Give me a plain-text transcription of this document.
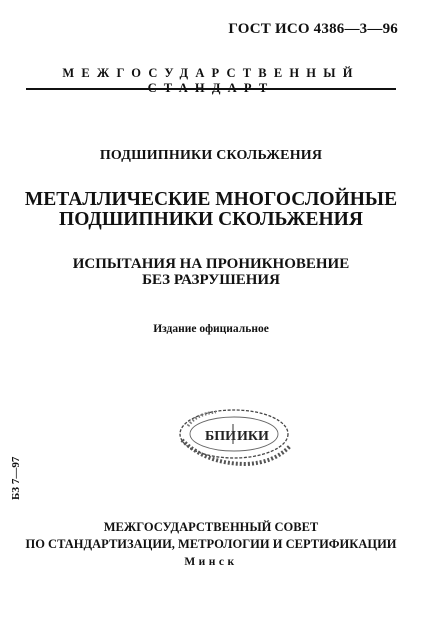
ГОСТ ИСО 4386—3—96
МЕЖГОСУДАРСТВЕННЫЙ СТАНДАРТ
ПОДШИПНИКИ СКОЛЬЖЕНИЯ
МЕТАЛЛИЧЕСКИЕ МНОГОСЛОЙНЫЕ
ПОДШИПНИКИ СКОЛЬЖЕНИЯ
ИСПЫТАНИЯ НА ПРОНИКНОВЕНИЕ
БЕЗ РАЗРУШЕНИЯ
Издание официальное
БЗ 7—97
БПИ ИКИ
МЕЖГОСУДАРСТВЕННЫЙ СОВЕТ
ПО СТАНДАРТИЗАЦИИ, МЕТРОЛОГИИ И СЕРТИФИКАЦИИ
Минск
